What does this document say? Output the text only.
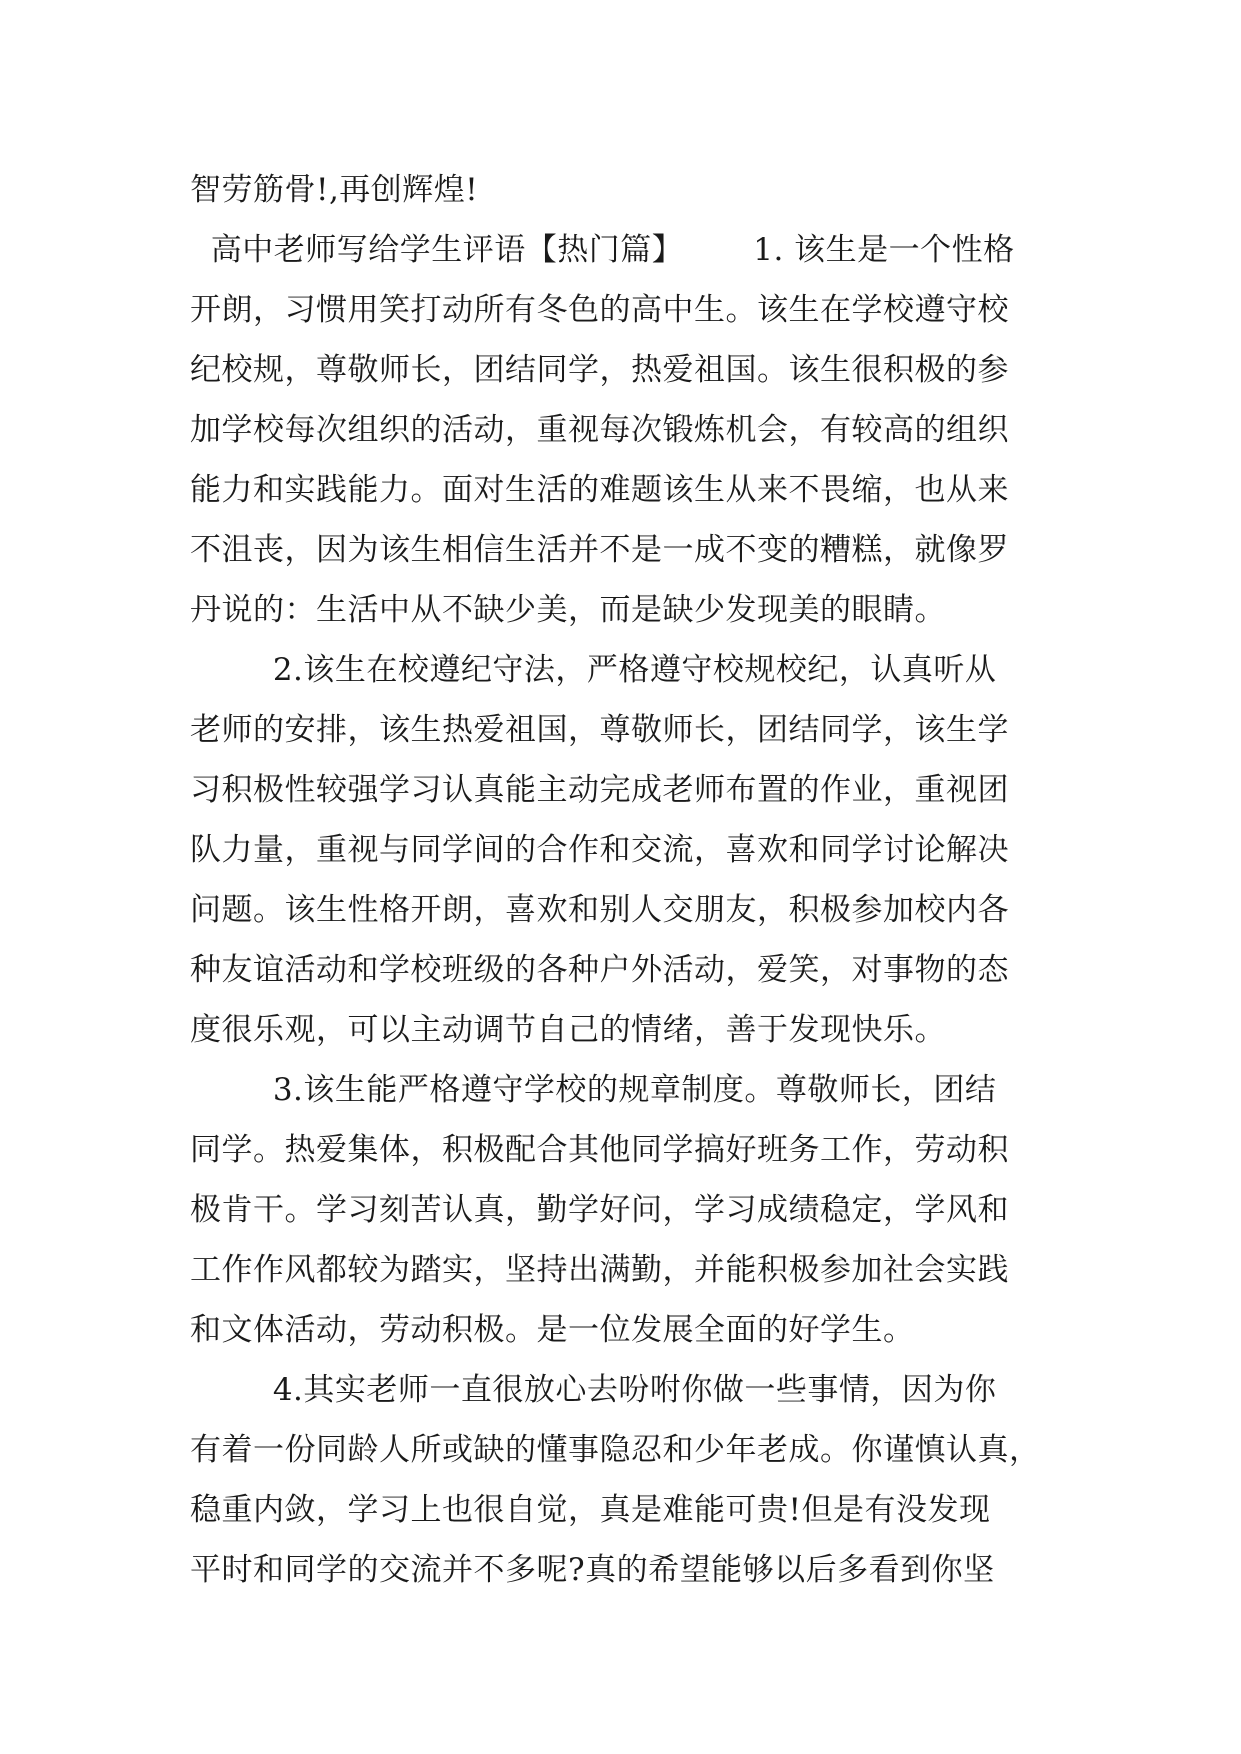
智劳筋骨!,再创辉煌!
高中老师写给学生评语【热门篇】 1. 该生是一个性格
开朗，习惯用笑打动所有冬色的高中生。该生在学校遵守校
纪校规，尊敬师长，团结同学，热爱祖国。该生很积极的参
加学校每次组织的活动，重视每次锻炼机会，有较高的组织
能力和实践能力。面对生活的难题该生从来不畏缩，也从来
不沮丧，因为该生相信生活并不是一成不变的糟糕，就像罗
丹说的：生活中从不缺少美，而是缺少发现美的眼睛。
2.该生在校遵纪守法，严格遵守校规校纪，认真听从
老师的安排，该生热爱祖国，尊敬师长，团结同学，该生学
习积极性较强学习认真能主动完成老师布置的作业，重视团
队力量，重视与同学间的合作和交流，喜欢和同学讨论解决
问题。该生性格开朗，喜欢和别人交朋友，积极参加校内各
种友谊活动和学校班级的各种户外活动，爱笑，对事物的态
度很乐观，可以主动调节自己的情绪，善于发现快乐。
3.该生能严格遵守学校的规章制度。尊敬师长，团结
同学。热爱集体，积极配合其他同学搞好班务工作，劳动积
极肯干。学习刻苦认真，勤学好问，学习成绩稳定，学风和
工作作风都较为踏实，坚持出满勤，并能积极参加社会实践
和文体活动，劳动积极。是一位发展全面的好学生。
4.其实老师一直很放心去吩咐你做一些事情，因为你
有着一份同龄人所或缺的懂事隐忍和少年老成。你谨慎认真，
稳重内敛，学习上也很自觉，真是难能可贵!但是有没发现
平时和同学的交流并不多呢?真的希望能够以后多看到你坚
